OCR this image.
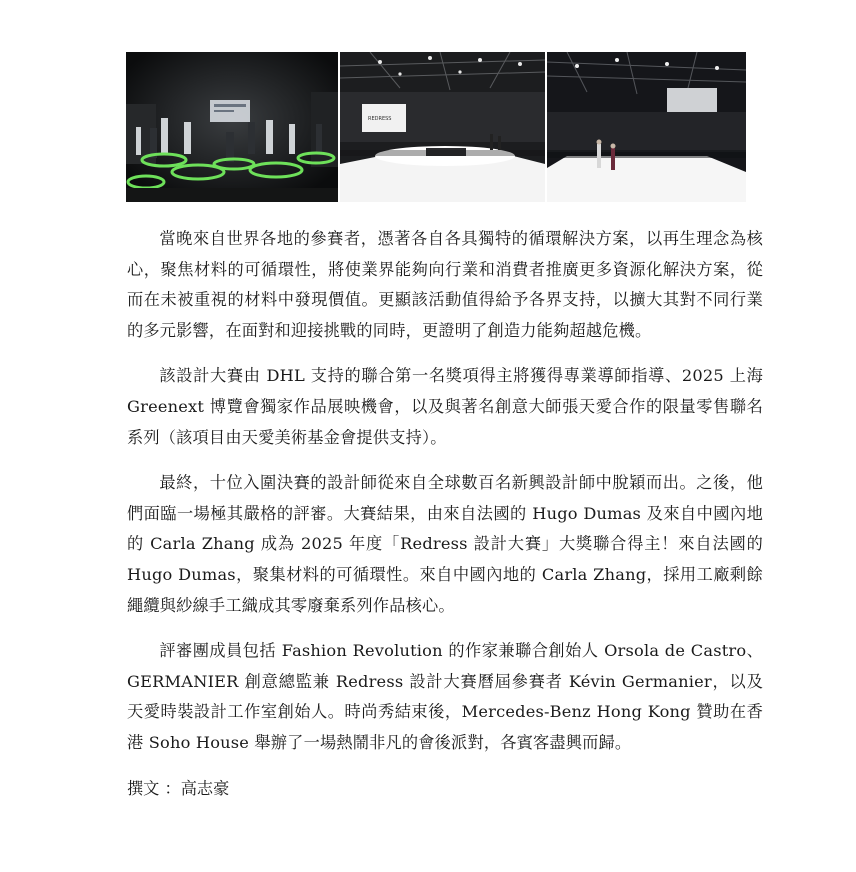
REDRESS

當晚來自世界各地的參賽者，憑著各自各具獨特的循環解決方案，以再生理念為核心，聚焦材料的可循環性，將使業界能夠向行業和消費者推廣更多資源化解決方案，從而在未被重視的材料中發現價值。更顯該活動值得給予各界支持，以擴大其對不同行業的多元影響，在面對和迎接挑戰的同時，更證明了創造力能夠超越危機。

該設計大賽由 DHL 支持的聯合第一名獎項得主將獲得專業導師指導、2025 上海 Greenext 博覽會獨家作品展映機會，以及與著名創意大師張天愛合作的限量零售聯名系列（該項目由天愛美術基金會提供支持）。

最終，十位入圍決賽的設計師從來自全球數百名新興設計師中脫穎而出。之後，他們面臨一場極其嚴格的評審。大賽結果，由來自法國的 Hugo Dumas 及來自中國內地的 Carla Zhang 成為 2025 年度「Redress 設計大賽」大獎聯合得主！來自法國的 Hugo Dumas，聚集材料的可循環性。來自中國內地的 Carla Zhang，採用工廠剩餘繩纜與紗線手工織成其零廢棄系列作品核心。

評審團成員包括 Fashion Revolution 的作家兼聯合創始人 Orsola de Castro、GERMANIER 創意總監兼 Redress 設計大賽曆屆參賽者 Kévin Germanier，以及天愛時裝設計工作室創始人。時尚秀結束後，Mercedes-Benz Hong Kong 贊助在香港 Soho House 舉辦了一場熱鬧非凡的會後派對，各賓客盡興而歸。

撰文 ：高志豪
